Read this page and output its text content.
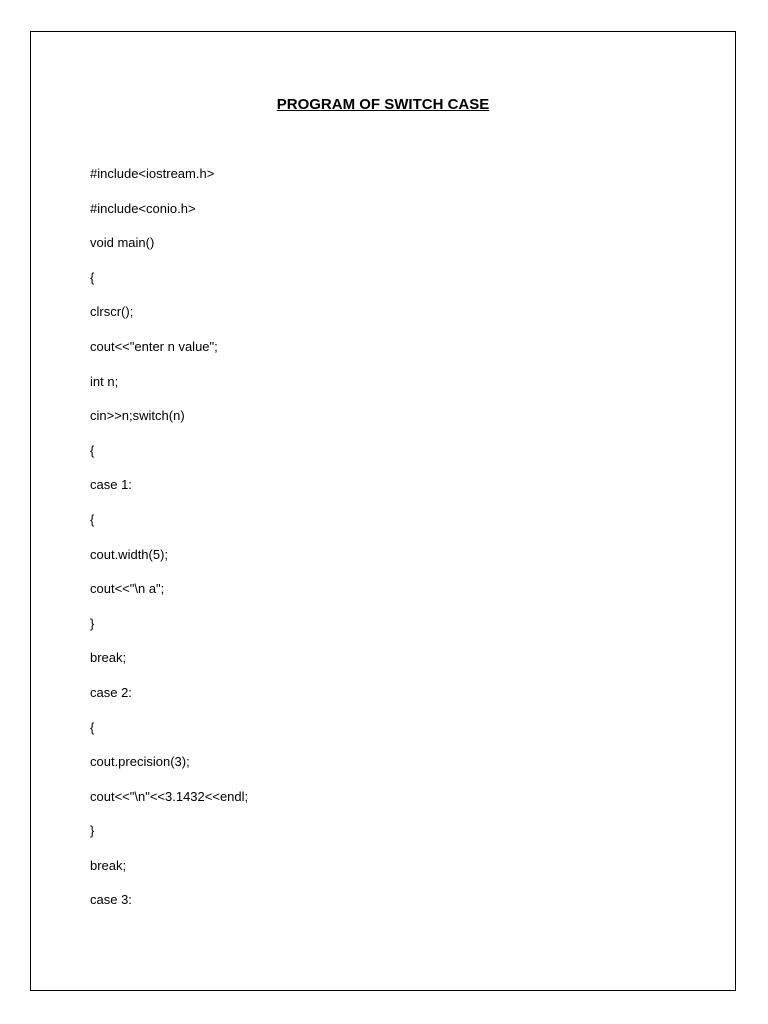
PROGRAM OF SWITCH CASE
#include<iostream.h>
#include<conio.h>
void main()
{
clrscr();
cout<<"enter n value";
int n;
cin>>n;switch(n)
{
case 1:
{
cout.width(5);
cout<<"\n a";
}
break;
case 2:
{
cout.precision(3);
cout<<"\n"<<3.1432<<endl;
}
break;
case 3:
